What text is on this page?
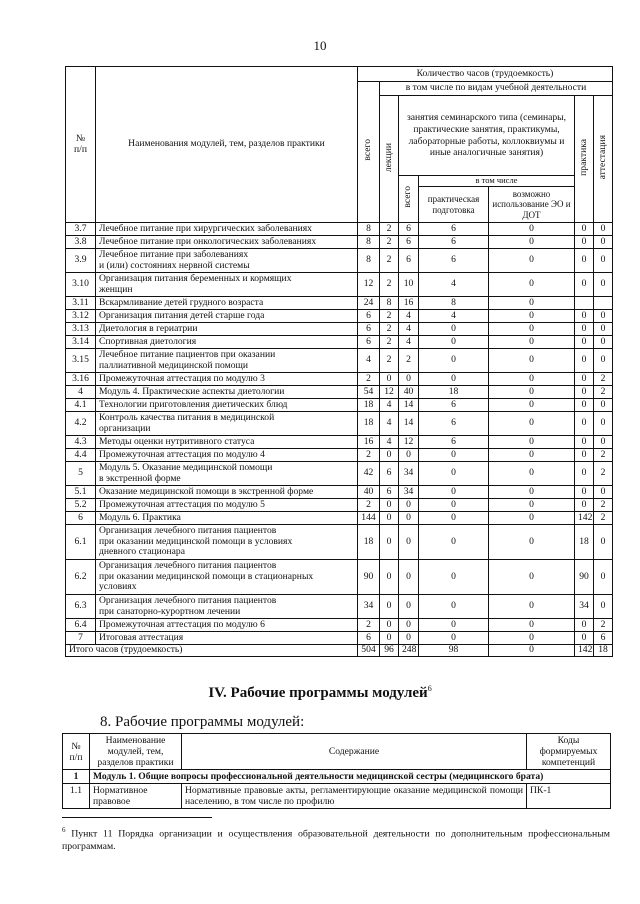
10
№
п/п	Наименования модулей, тем, разделов практики	Количество часов (трудоемкость)						
		всего	в том числе по видам учебной деятельности					
			лекции	занятия семинарского типа (семинары, практические занятия, практикумы, лабораторные работы, коллоквиумы и иные аналогичные занятия)			практика	аттестация
				всего	в том числе			
					практическая подготовка	возможно использование ЭО и ДОТ		
3.7	Лечебное питание при хирургических заболеваниях	8	2	6	6	0	0	0
3.8	Лечебное питание при онкологических заболеваниях	8	2	6	6	0	0	0
3.9	Лечебное питание при заболеваниях
и (или) состояниях нервной системы	8	2	6	6	0	0	0
3.10	Организация питания беременных и кормящих
женщин	12	2	10	4	0	0	0
3.11	Вскармливание детей грудного возраста	24	8	16	8	0		
3.12	Организация питания детей старше года	6	2	4	4	0	0	0
3.13	Диетология в гериатрии	6	2	4	0	0	0	0
3.14	Спортивная диетология	6	2	4	0	0	0	0
3.15	Лечебное питание пациентов при оказании
паллиативной медицинской помощи	4	2	2	0	0	0	0
3.16	Промежуточная аттестация по модулю 3	2	0	0	0	0	0	2
4	Модуль 4. Практические аспекты диетологии	54	12	40	18	0	0	2
4.1	Технологии приготовления диетических блюд	18	4	14	6	0	0	0
4.2	Контроль качества питания в медицинской
организации	18	4	14	6	0	0	0
4.3	Методы оценки нутритивного статуса	16	4	12	6	0	0	0
4.4	Промежуточная аттестация по модулю 4	2	0	0	0	0	0	2
5	Модуль 5. Оказание медицинской помощи
в экстренной форме	42	6	34	0	0	0	2
5.1	Оказание медицинской помощи в экстренной форме	40	6	34	0	0	0	0
5.2	Промежуточная аттестация по модулю 5	2	0	0	0	0	0	2
6	Модуль 6. Практика	144	0	0	0	0	142	2
6.1	Организация лечебного питания пациентов
при оказании медицинской помощи в условиях
дневного стационара	18	0	0	0	0	18	0
6.2	Организация лечебного питания пациентов
при оказании медицинской помощи в стационарных
условиях	90	0	0	0	0	90	0
6.3	Организация лечебного питания пациентов
при санаторно-курортном лечении	34	0	0	0	0	34	0
6.4	Промежуточная аттестация по модулю 6	2	0	0	0	0	0	2
7	Итоговая аттестация	6	0	0	0	0	0	6
Итого часов (трудоемкость)		504	96	248	98	0	142	18
IV. Рабочие программы модулей$^6$
8. Рабочие программы модулей:
№
п/п	Наименование
модулей, тем,
разделов практики	Содержание	Коды
формируемых
компетенций
1	Модуль 1. Общие вопросы профессиональной деятельности медицинской сестры (медицинского брата)		
1.1	Нормативное
правовое	Нормативные правовые акты, регламентирующие оказание медицинской помощи населению, в том числе по профилю	ПК-1
$^6$ Пункт 11 Порядка организации и осуществления образовательной деятельности по дополнительным профессиональным программам.
